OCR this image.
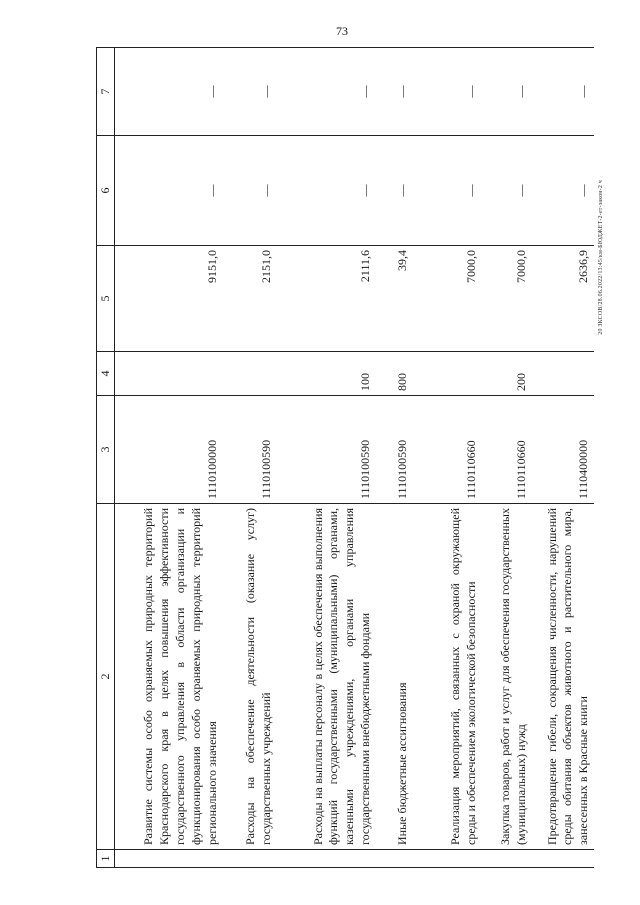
73
20 ЗКСОВ/28.06.2022/13:45/км-БЮДЖЕТ-2-ет-закон-2 ч
1	2	3	4	5	6	7
	Развитие системы особо охраняемых природных территорий Краснодарского края в целях повышения эффективности государственного управления в области организации и функционирования особо охраняемых природных территорий регионального значения	1110100000		9151,0	—	—
	Расходы на обеспечение деятельности (оказание услуг) государственных учреждений	1110100590		2151,0	—	—
	Расходы на выплаты персоналу в целях обеспечения выполнения функций государственными (муниципальными) органами, казенными учреждениями, органами управления государственными внебюджетными фондами	1110100590	100	2111,6	—	—
	Иные бюджетные ассигнования	1110100590	800	39,4	—	—
	Реализация мероприятий, связанных с охраной окружающей среды и обеспечением экологической безопасности	1110110660		7000,0	—	—
	Закупка товаров, работ и услуг для обеспечения государственных (муниципальных) нужд	1110110660	200	7000,0	—	—
	Предотвращение гибели, сокращения численности, нарушений среды обитания объектов животного и растительного мира, занесенных в Красные книги	1110400000		2636,9	—	—
